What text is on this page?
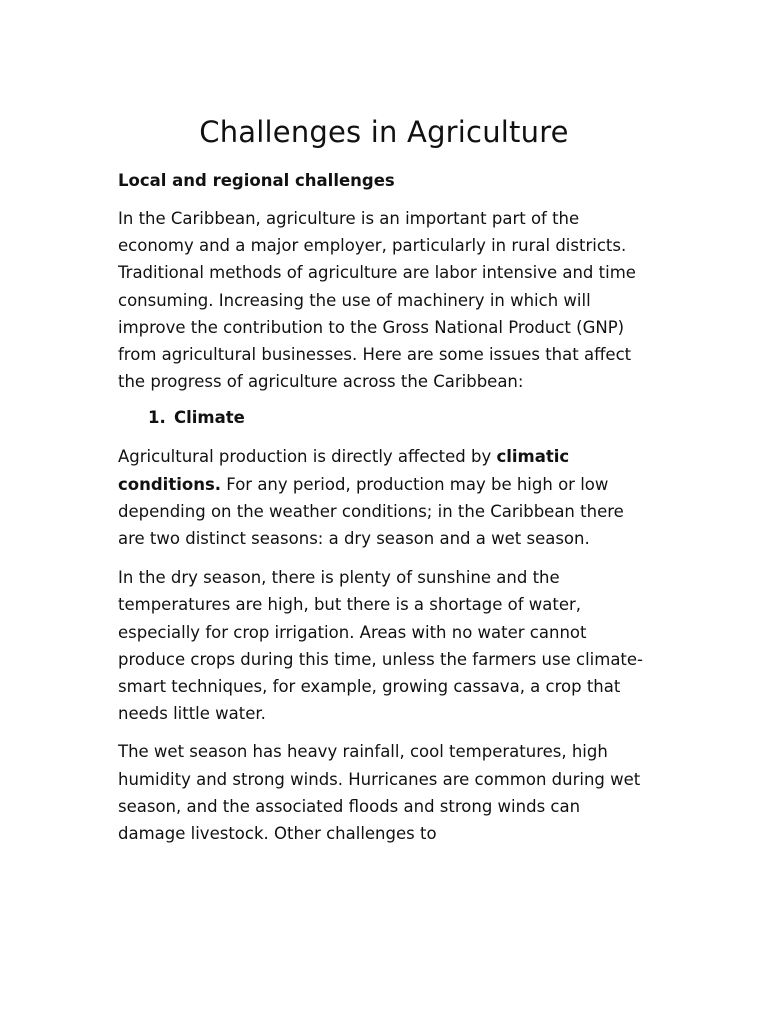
Challenges in Agriculture

Local and regional challenges

In the Caribbean, agriculture is an important part of the economy and a major employer, particularly in rural districts. Traditional methods of agriculture are labor intensive and time consuming. Increasing the use of machinery in which will improve the contribution to the Gross National Product (GNP) from agricultural businesses. Here are some issues that affect the progress of agriculture across the Caribbean:

1. Climate

Agricultural production is directly affected by climatic conditions. For any period, production may be high or low depending on the weather conditions; in the Caribbean there are two distinct seasons: a dry season and a wet season.

In the dry season, there is plenty of sunshine and the temperatures are high, but there is a shortage of water, especially for crop irrigation. Areas with no water cannot produce crops during this time, unless the farmers use climate-smart techniques, for example, growing cassava, a crop that needs little water.

The wet season has heavy rainfall, cool temperatures, high humidity and strong winds. Hurricanes are common during wet season, and the associated floods and strong winds can damage livestock. Other challenges to
